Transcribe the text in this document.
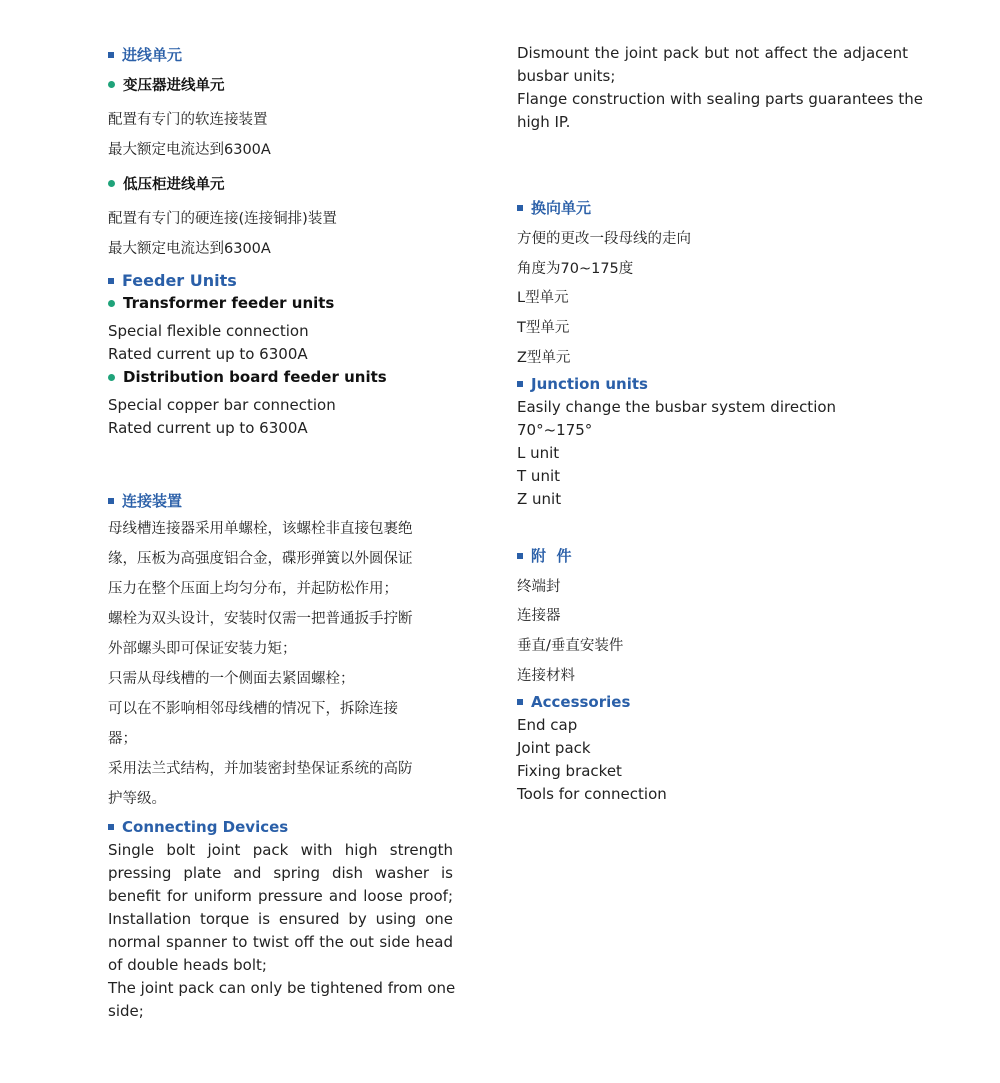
进线单元
变压器进线单元
配置有专门的软连接装置
最大额定电流达到6300A
低压柜进线单元
配置有专门的硬连接(连接铜排)装置
最大额定电流达到6300A
Feeder Units
Transformer feeder units
Special flexible connection
Rated current up to 6300A
Distribution board feeder units
Special copper bar connection
Rated current up to 6300A
连接装置
母线槽连接器采用单螺栓，该螺栓非直接包裹绝
缘，压板为高强度铝合金，碟形弹簧以外圆保证
压力在整个压面上均匀分布，并起防松作用；
螺栓为双头设计，安装时仅需一把普通扳手拧断
外部螺头即可保证安装力矩；
只需从母线槽的一个侧面去紧固螺栓；
可以在不影响相邻母线槽的情况下，拆除连接
器；
采用法兰式结构，并加装密封垫保证系统的高防
护等级。
Connecting Devices
Single bolt joint pack with high strength
pressing plate and spring dish washer is
benefit for uniform pressure and loose proof;
Installation torque is ensured by using one
normal spanner to twist off the out side head
of double heads bolt;
The joint pack can only be tightened from one
side;
Dismount the joint pack but not affect the adjacent
busbar units;
Flange construction with sealing parts guarantees the
high IP.
换向单元
方便的更改一段母线的走向
角度为70~175度
L型单元
T型单元
Z型单元
Junction units
Easily change the busbar system direction
70°~175°
L unit
T unit
Z unit
附  件
终端封
连接器
垂直/垂直安装件
连接材料
Accessories
End cap
Joint pack
Fixing bracket
Tools for connection
